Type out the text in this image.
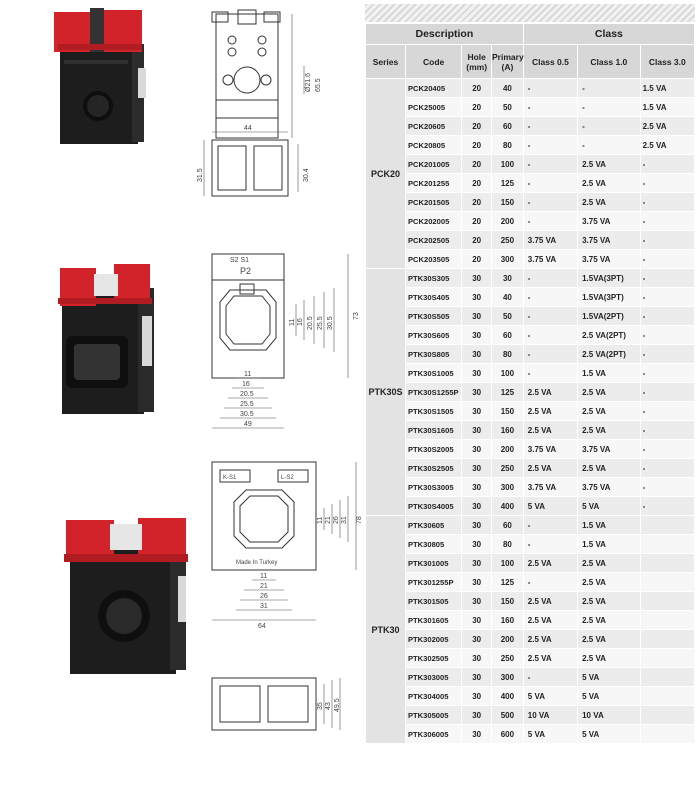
65.5
Ø21.6
44
31.5	30.4
S2 S1
P2
11 16 20.5 25.5 30.5
73
11
16
20.5
25.5
30.5
49
K-S1	L-S2
Made In Turkey
11 21 26 31 78
11
21
26
31
64
35 43 49.5
Description				Class		
Series	Code	Hole
(mm)	Primary
(A)	Class 0.5	Class 1.0	Class 3.0
PCK20	PCK20405	20	40	-	-	1.5 VA
	PCK25005	20	50	-	-	1.5 VA
	PCK20605	20	60	-	-	2.5 VA
	PCK20805	20	80	-	-	2.5 VA
	PCK201005	20	100	-	2.5 VA	-
	PCK201255	20	125	-	2.5 VA	-
	PCK201505	20	150	-	2.5 VA	-
	PCK202005	20	200	-	3.75 VA	-
	PCK202505	20	250	3.75 VA	3.75 VA	-
	PCK203505	20	300	3.75 VA	3.75 VA	-
PTK30S	PTK30S305	30	30	-	1.5VA(3PT)	-
	PTK30S405	30	40	-	1.5VA(3PT)	-
	PTK30S505	30	50	-	1.5VA(2PT)	-
	PTK30S605	30	60	-	2.5 VA(2PT)	-
	PTK30S805	30	80	-	2.5 VA(2PT)	-
	PTK30S1005	30	100	-	1.5 VA	-
	PTK30S1255P	30	125	2.5 VA	2.5 VA	-
	PTK30S1505	30	150	2.5 VA	2.5 VA	-
	PTK30S1605	30	160	2.5 VA	2.5 VA	-
	PTK30S2005	30	200	3.75 VA	3.75 VA	-
	PTK30S2505	30	250	2.5 VA	2.5 VA	-
	PTK30S3005	30	300	3.75 VA	3.75 VA	-
	PTK30S4005	30	400	5 VA	5 VA	-
PTK30	PTK30605	30	60	-	1.5 VA	
	PTK30805	30	80	-	1.5 VA	
	PTK301005	30	100	2.5 VA	2.5 VA	
	PTK301255P	30	125	-	2.5 VA	
	PTK301505	30	150	2.5 VA	2.5 VA	
	PTK301605	30	160	2.5 VA	2.5 VA	
	PTK302005	30	200	2.5 VA	2.5 VA	
	PTK302505	30	250	2.5 VA	2.5 VA	
	PTK303005	30	300	-	5 VA	
	PTK304005	30	400	5 VA	5 VA	
	PTK305005	30	500	10 VA	10 VA	
	PTK306005	30	600	5 VA	5 VA	
